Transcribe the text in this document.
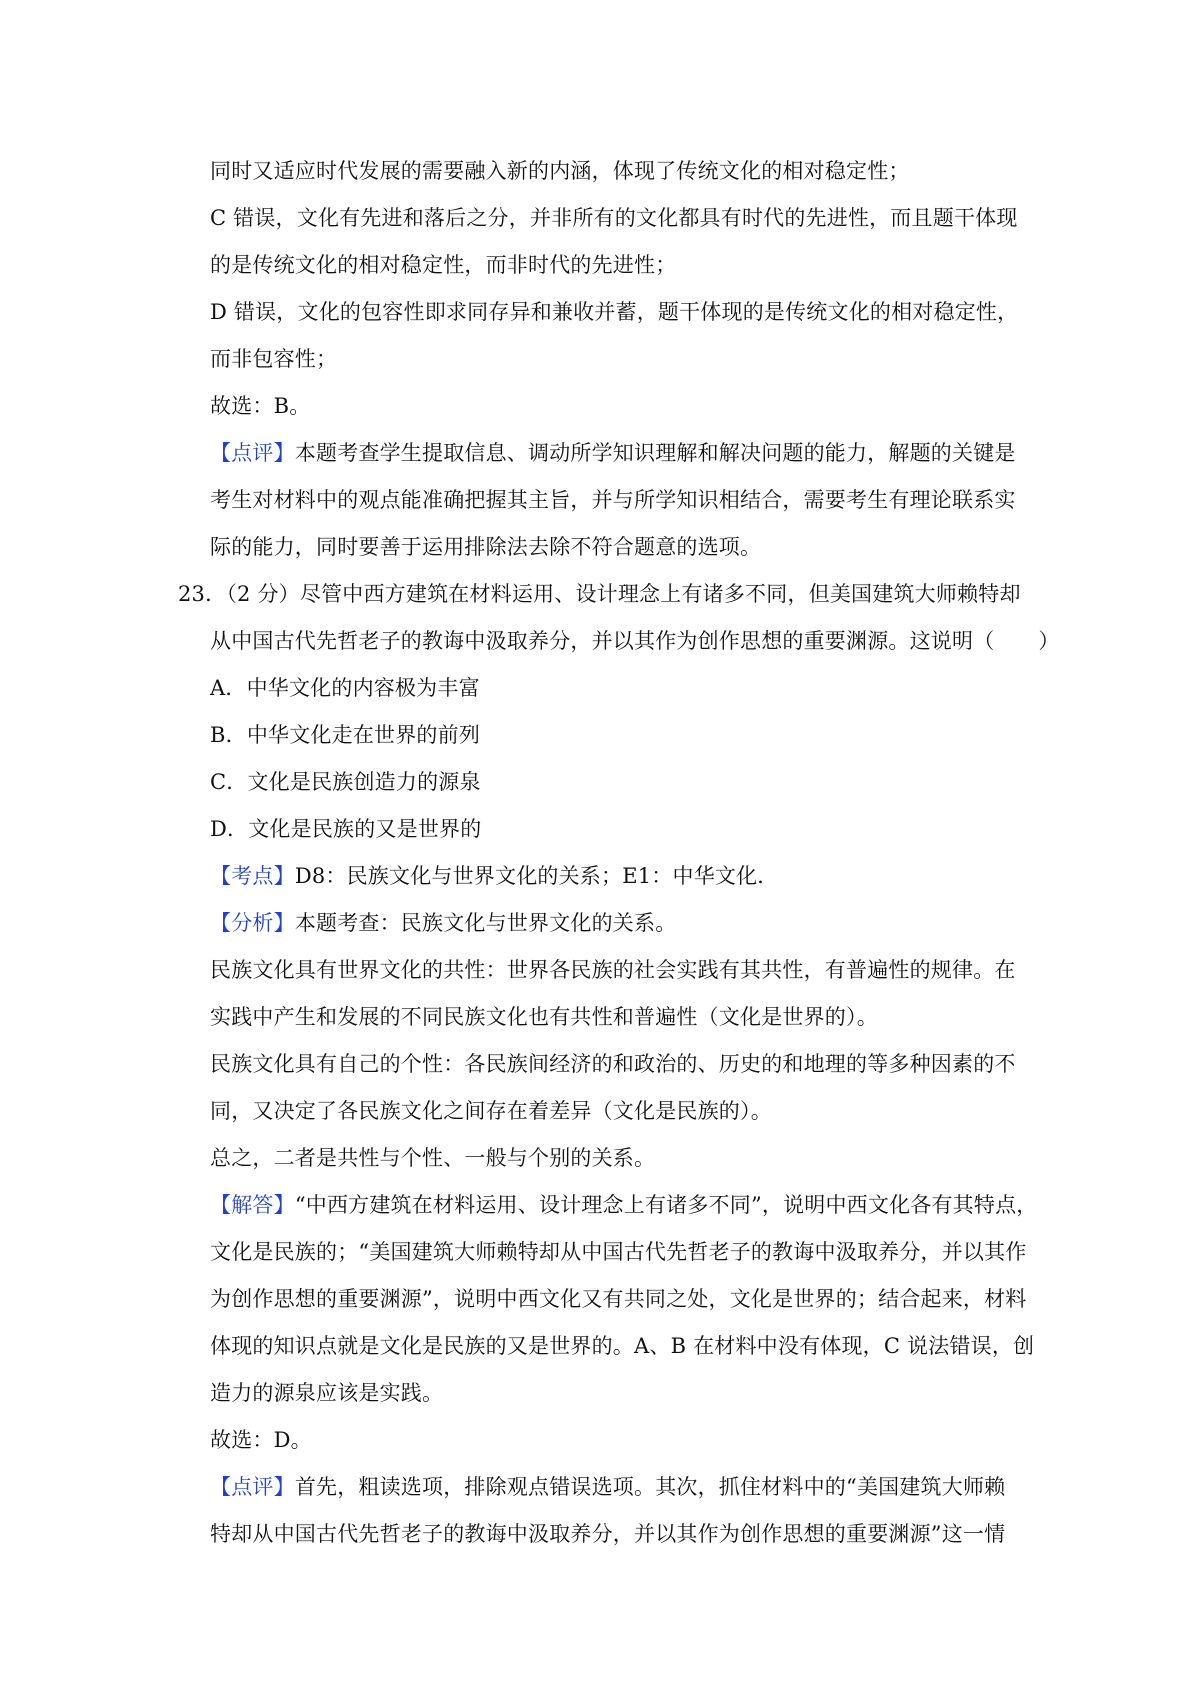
同时又适应时代发展的需要融入新的内涵，体现了传统文化的相对稳定性；
C 错误，文化有先进和落后之分，并非所有的文化都具有时代的先进性，而且题干体现
的是传统文化的相对稳定性，而非时代的先进性；
D 错误，文化的包容性即求同存异和兼收并蓄，题干体现的是传统文化的相对稳定性，
而非包容性；
故选：B。
【点评】本题考查学生提取信息、调动所学知识理解和解决问题的能力，解题的关键是
考生对材料中的观点能准确把握其主旨，并与所学知识相结合，需要考生有理论联系实
际的能力，同时要善于运用排除法去除不符合题意的选项。
23．（2 分）尽管中西方建筑在材料运用、设计理念上有诸多不同，但美国建筑大师赖特却
从中国古代先哲老子的教诲中汲取养分，并以其作为创作思想的重要渊源。这说明（ ）
A．中华文化的内容极为丰富
B．中华文化走在世界的前列
C．文化是民族创造力的源泉
D．文化是民族的又是世界的
【考点】D8：民族文化与世界文化的关系；E1：中华文化．
【分析】本题考查：民族文化与世界文化的关系。
民族文化具有世界文化的共性：世界各民族的社会实践有其共性，有普遍性的规律。在
实践中产生和发展的不同民族文化也有共性和普遍性（文化是世界的）。
民族文化具有自己的个性：各民族间经济的和政治的、历史的和地理的等多种因素的不
同，又决定了各民族文化之间存在着差异（文化是民族的）。
总之，二者是共性与个性、一般与个别的关系。
【解答】“中西方建筑在材料运用、设计理念上有诸多不同”，说明中西文化各有其特点，
文化是民族的；“美国建筑大师赖特却从中国古代先哲老子的教诲中汲取养分，并以其作
为创作思想的重要渊源”，说明中西文化又有共同之处，文化是世界的；结合起来，材料
体现的知识点就是文化是民族的又是世界的。A、B 在材料中没有体现，C 说法错误，创
造力的源泉应该是实践。
故选：D。
【点评】首先，粗读选项，排除观点错误选项。其次，抓住材料中的“美国建筑大师赖
特却从中国古代先哲老子的教诲中汲取养分，并以其作为创作思想的重要渊源”这一情
